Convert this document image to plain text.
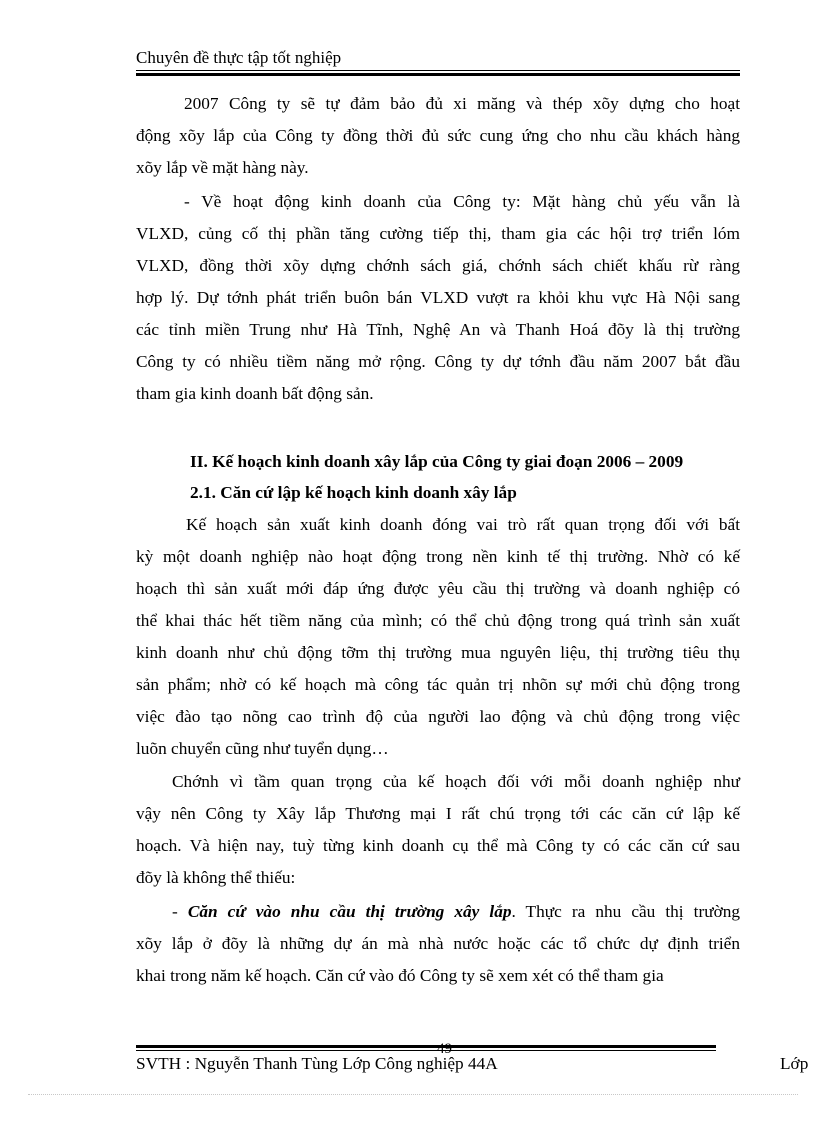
Chuyên đề thực tập tốt nghiệp
2007 Công ty sẽ tự đảm bảo đủ xi măng và thép xõy dựng cho hoạt
động xõy lắp của Công ty đồng thời đủ sức cung ứng cho nhu cầu khách hàng
xõy lắp về mặt hàng này.
- Về hoạt động kinh doanh của Công ty: Mặt hàng chủ yếu vẫn là
VLXD, củng cố thị phần tăng cường tiếp thị, tham gia các hội trợ triển lóm
VLXD, đồng thời xõy dựng chớnh sách giá, chớnh sách chiết khấu rừ ràng
hợp lý. Dự tớnh phát triển buôn bán VLXD vượt ra khỏi khu vực Hà Nội sang
các tỉnh miền Trung như Hà Tĩnh, Nghệ An và Thanh Hoá đõy là thị trường
Công ty có nhiều tiềm năng mở rộng. Công ty dự tớnh đầu năm 2007 bắt đầu
tham gia kinh doanh bất động sản.
II. Kế hoạch kinh doanh xây lắp của Công ty giai đoạn 2006 – 2009
2.1. Căn cứ lập kế hoạch kinh doanh xây lắp
Kế hoạch sản xuất kinh doanh đóng vai trò rất quan trọng đối với bất
kỳ một doanh nghiệp nào hoạt động trong nền kinh tế thị trường. Nhờ có kế
hoạch thì sản xuất mới đáp ứng được yêu cầu thị trường và doanh nghiệp có
thể khai thác hết tiềm năng của mình; có thể chủ động trong quá trình sản xuất
kinh doanh như chủ động tỡm thị trường mua nguyên liệu, thị trường tiêu thụ
sản phẩm; nhờ có kế hoạch mà công tác quản trị nhõn sự mới chủ động trong
việc đào tạo nõng cao trình độ của người lao động và chủ động trong việc
luõn chuyển cũng như tuyển dụng…
Chớnh vì tầm quan trọng của kế hoạch đối với mỗi doanh nghiệp như
vậy nên Công ty Xây lắp Thương mại I rất chú trọng tới các căn cứ lập kế
hoạch. Và hiện nay, tuỳ từng kinh doanh cụ thể mà Công ty có các căn cứ sau
đõy là không thể thiếu:
- Căn cứ vào nhu cầu thị trường xây lắp. Thực ra nhu cầu thị trường
xõy lắp ở đõy là những dự án mà nhà nước hoặc các tổ chức dự định triển
khai trong năm kế hoạch. Căn cứ vào đó Công ty sẽ xem xét có thể tham gia
49
SVTH : Nguyễn Thanh Tùng Lớp Công nghiệp 44A	Lớp
